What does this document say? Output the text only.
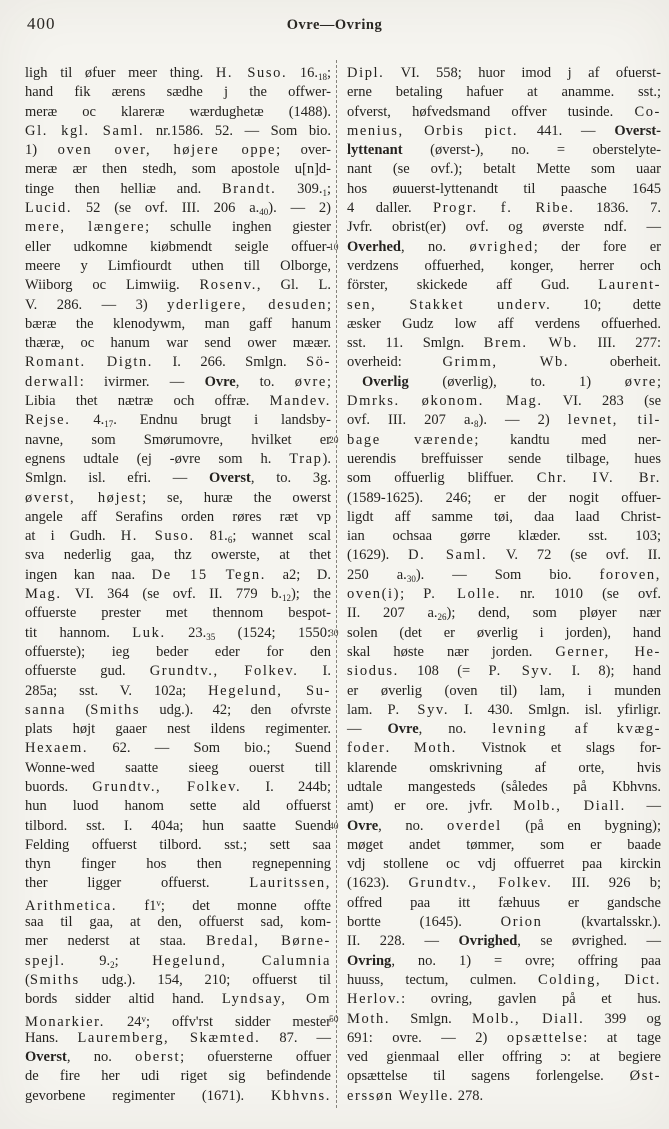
400	Ovre—Ovring
10
20
30
40
50
ligh til øfuer meer thing. H. Suso. $16._{18}$;
hand fik ærens sædhe j the offwer-
meræ oc klareræ wærdughetæ (1488).
Gl. kgl. Saml. nr.1586. 52. — Som bio.
1) oven over, højere oppe; over-
meræ ær then stedh, som apostole u[n]d-
tinge then helliæ and. Brandt. $309._1$;
Lucid. 52 (se ovf. III. 206 $a._{40}$). — 2)
mere, længere; schulle inghen giester
eller udkomne kiøbmendt seigle offuer-
meere y Limfiourdt uthen till Olborge,
Wiiborg oc Limwiig. Rosenv., Gl. L.
V. 286. — 3) yderligere, desuden;
bæræ the klenodywm, man gaff hanum
thæræ, oc hanum war send ower mæær.
Romant. Digtn. I. 266. Smlgn. Sö-
derwall: ivirmer. — Ovre, to. øvre;
Libia thet nætræ och offræ. Mandev.
Rejse. $4._{17}$. Endnu brugt i landsby-
navne, som Smørumovre, hvilket er
egnens udtale (ej -øvre som h. Trap).
Smlgn. isl. efri. — Overst, to. 3g.
øverst, højest; se, huræ the owerst
angele aff Serafins orden røres ræt vp
at i Gudh. H. Suso. $81._6$; wannet scal
sva nederlig gaa, thz owerste, at thet
ingen kan naa. De 15 Tegn. a2; D.
Mag. VI. 364 (se ovf. II. 779 $b._{12}$); the
offuerste prester met thennom bespot-
tit hannom. Luk. $23._{35}$ (1524; 1550:
offuerste); ieg beder eder for den
offuerste gud. Grundtv., Folkev. I.
285a; sst. V. 102a; Hegelund, Su-
sanna (Smiths udg.). 42; den ofvrste
plats højt gaaer nest ildens regimenter.
Hexaem. 62. — Som bio.; Suend
Wonne-wed saatte sieeg ouerst till
buords. Grundtv., Folkev. I. 244b;
hun luod hanom sette ald offuerst
tilbord. sst. I. 404a; hun saatte Suend
Felding offuerst tilbord. sst.; sett saa
thyn finger hos then regnepenning
ther ligger offuerst. Lauritssen,
Arithmetica. f1$^v$; det monne offte
saa til gaa, at den, offuerst sad, kom-
mer nederst at staa. Bredal, Børne-
spejl. $9._2$; Hegelund, Calumnia
(Smiths udg.). 154, 210; offuerst til
bords sidder altid hand. Lyndsay, Om
Monarkier. 24$^v$; offv'rst sidder mester
Hans. Lauremberg, Skæmted. 87. —
Overst, no. oberst; ofuersterne offuer
de fire her udi riget sig befindende
gevorbene regimenter (1671). Kbhvns.
Dipl. VI. 558; huor imod j af ofuerst-
erne betaling hafuer at anamme. sst.;
ofverst, høfvedsmand offver tusinde. Co-
menius, Orbis pict. 441. — Overst-
lyttenant (øverst-), no. = oberstelyte-
nant (se ovf.); betalt Mette som uaar
hos øuuerst-lyttenandt til paasche 1645
4 daller. Progr. f. Ribe. 1836. 7.
Jvfr. obrist(er) ovf. og øverste ndf. —
Overhed, no. øvrighed; der fore er
verdzens offuerhed, konger, herrer och
förster, skickede aff Gud. Laurent-
sen, Stakket underv. 10; dette
æsker Gudz low aff verdens offuerhed.
sst. 11. Smlgn. Brem. Wb. III. 277:
overheid: Grimm, Wb. oberheit.
Overlig (øverlig), to. 1) øvre;
Dmrks. økonom. Mag. VI. 283 (se
ovf. III. 207 $a._8$). — 2) levnet, til-
bage værende; kandtu med ner-
uerendis breffuisser sende tilbage, hues
som offuerlig bliffuer. Chr. IV. Br.
(1589-1625). 246; er der nogit offuer-
ligdt aff samme tøi, daa laad Christ-
ian ochsaa gørre klæder. sst. 103;
(1629). D. Saml. V. 72 (se ovf. II.
250 $a._{30}$). — Som bio. foroven,
oven(i); P. Lolle. nr. 1010 (se ovf.
II. 207 $a._{26}$); dend, som pløyer nær
solen (det er øverlig i jorden), hand
skal høste nær jorden. Gerner, He-
siodus. 108 (= P. Syv. I. 8); hand
er øverlig (oven til) lam, i munden
lam. P. Syv. I. 430. Smlgn. isl. yfirligr.
— Ovre, no. levning af kvæg-
foder. Moth. Vistnok et slags for-
klarende omskrivning af orte, hvis
udtale mangesteds (således på Kbhvns.
amt) er ore. jvfr. Molb., Diall. —
Ovre, no. overdel (på en bygning);
møget andet tømmer, som er baade
vdj stollene oc vdj offuerret paa kirckin
(1623). Grundtv., Folkev. III. 926 b;
offred paa itt fæhuus er gandsche
bortte (1645). Orion (kvartalsskr.).
II. 228. — Ovrighed, se øvrighed. —
Ovring, no. 1) = ovre; offring paa
huuss, tectum, culmen. Colding, Dict.
Herlov.: ovring, gavlen på et hus.
Moth. Smlgn. Molb., Diall. 399 og
691: ovre. — 2) opsættelse: at tage
ved gienmaal eller offring ɔ: at begiere
opsættelse til sagens forlengelse. Øst-
erssøn Weylle. 278.
